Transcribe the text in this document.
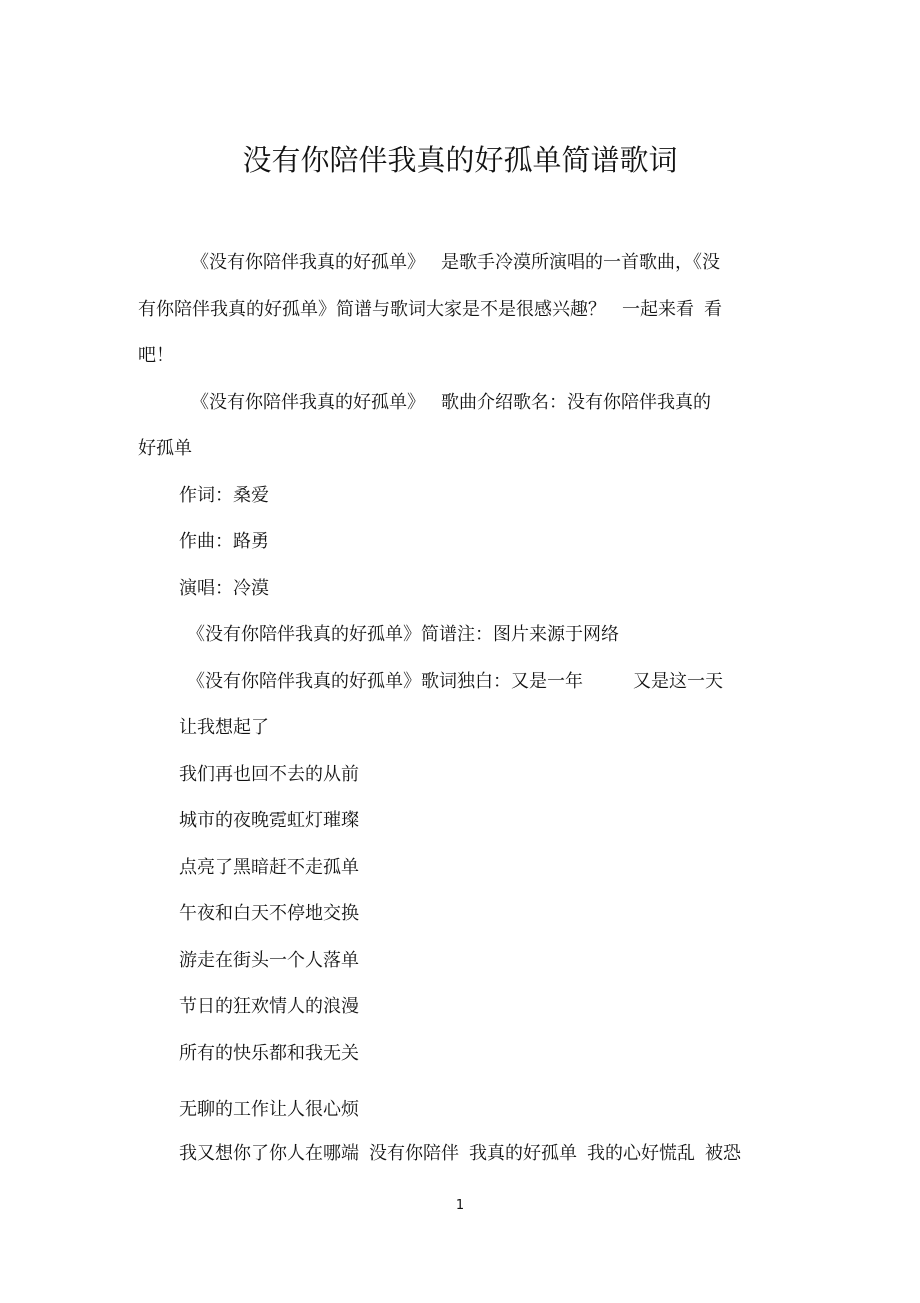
没有你陪伴我真的好孤单简谱歌词

《没有你陪伴我真的好孤单》 是歌手冷漠所演唱的一首歌曲，《没

有你陪伴我真的好孤单》简谱与歌词大家是不是很感兴趣？ 一起来看 看

吧！

《没有你陪伴我真的好孤单》 歌曲介绍歌名：没有你陪伴我真的

好孤单

作词：桑爱

作曲：路勇

演唱：冷漠

《没有你陪伴我真的好孤单》简谱注：图片来源于网络

《没有你陪伴我真的好孤单》歌词独白：又是一年	又是这一天

让我想起了

我们再也回不去的从前

城市的夜晚霓虹灯璀璨

点亮了黑暗赶不走孤单

午夜和白天不停地交换

游走在街头一个人落单

节日的狂欢情人的浪漫

所有的快乐都和我无关

无聊的工作让人很心烦

我又想你了你人在哪端 没有你陪伴 我真的好孤单 我的心好慌乱 被恐

1
